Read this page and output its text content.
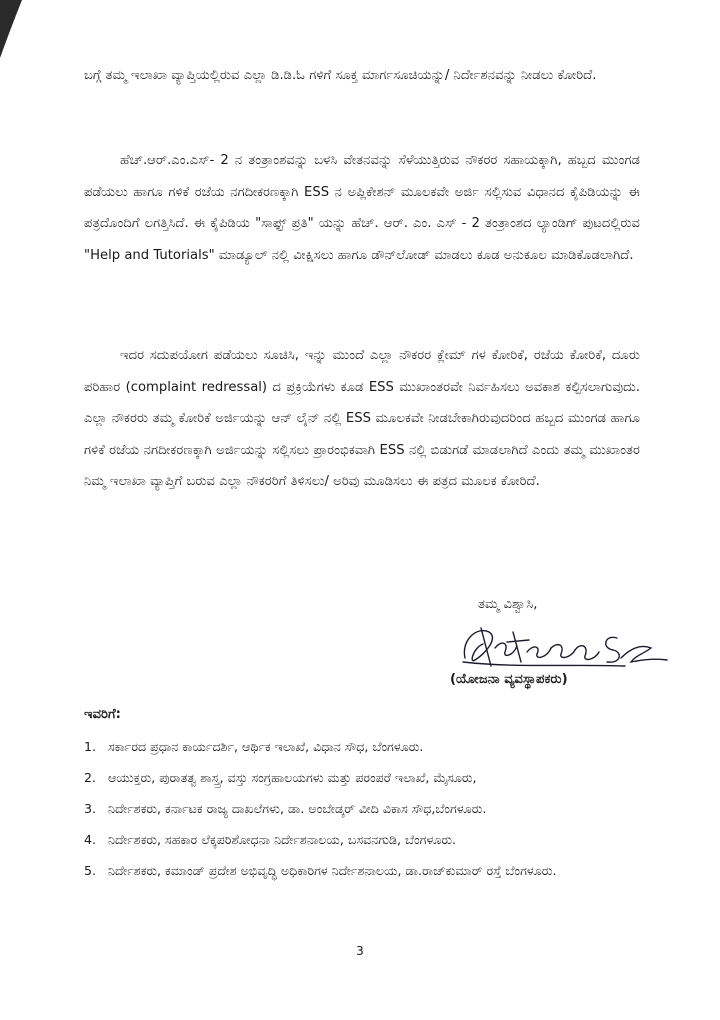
ಬಗ್ಗೆ ತಮ್ಮ ಇಲಾಖಾ ವ್ಯಾಪ್ತಿಯಲ್ಲಿರುವ ಎಲ್ಲಾ ಡಿ.ಡಿ.ಓ ಗಳಿಗೆ ಸೂಕ್ತ ಮಾರ್ಗಸೂಚಿಯನ್ನು/ ನಿರ್ದೇಶನವನ್ನು ನೀಡಲು ಕೋರಿದೆ.

ಹೆಚ್.ಆರ್.ಎಂ.ಎಸ್- 2 ನ ತಂತ್ರಾಂಶವನ್ನು ಬಳಸಿ ವೇತನವನ್ನು ಸೆಳೆಯುತ್ತಿರುವ ನೌಕರರ ಸಹಾಯಕ್ಕಾಗಿ, ಹಬ್ಬದ ಮುಂಗಡ ಪಡೆಯಲು ಹಾಗೂ ಗಳಿಕೆ ರಜೆಯ ನಗದೀಕರಣಕ್ಕಾಗಿ ESS ನ ಅಪ್ಲಿಕೇಶನ್ ಮೂಲಕವೇ ಅರ್ಜಿ ಸಲ್ಲಿಸುವ ವಿಧಾನದ ಕೈಪಿಡಿಯನ್ನು ಈ ಪತ್ರದೊಂದಿಗೆ ಲಗತ್ತಿಸಿದೆ. ಈ ಕೈಪಿಡಿಯ "ಸಾಫ್ಟ್ ಪ್ರತಿ" ಯನ್ನು ಹೆಚ್. ಆರ್. ಎಂ. ಎಸ್ - 2 ತಂತ್ರಾಂಶದ ಲ್ಯಾಂಡಿಗ್ ಪುಟದಲ್ಲಿರುವ "Help and Tutorials" ಮಾಡ್ಯೂಲ್ ನಲ್ಲಿ ವೀಕ್ಷಿಸಲು ಹಾಗೂ ಡೌನ್‌ಲೋಡ್ ಮಾಡಲು ಕೂಡ ಅನುಕೂಲ ಮಾಡಿಕೊಡಲಾಗಿದೆ.

ಇದರ ಸದುಪಯೋಗ ಪಡೆಯಲು ಸೂಚಿಸಿ, ಇನ್ನು ಮುಂದೆ ಎಲ್ಲಾ ನೌಕರರ ಕ್ಲೇಮ್ ಗಳ ಕೋರಿಕೆ, ರಜೆಯ ಕೋರಿಕೆ, ದೂರು ಪರಿಹಾರ (complaint redressal) ದ ಪ್ರಕ್ರಿಯೆಗಳು ಕೂಡ ESS ಮುಖಾಂತರವೇ ನಿರ್ವಹಿಸಲು ಅವಕಾಶ ಕಲ್ಪಿಸಲಾಗುವುದು. ಎಲ್ಲಾ ನೌಕರರು ತಮ್ಮ ಕೋರಿಕೆ ಅರ್ಜಿಯನ್ನು ಆನ್ ಲೈನ್ ನಲ್ಲಿ ESS ಮೂಲಕವೇ ನೀಡಬೇಕಾಗಿರುವುದರಿಂದ ಹಬ್ಬದ ಮುಂಗಡ ಹಾಗೂ ಗಳಿಕೆ ರಜೆಯ ನಗದೀಕರಣಕ್ಕಾಗಿ ಅರ್ಜಿಯನ್ನು ಸಲ್ಲಿಸಲು ಪ್ರಾರಂಭಿಕವಾಗಿ ESS ನಲ್ಲಿ ಬಿಡುಗಡೆ ಮಾಡಲಾಗಿದೆ ಎಂದು ತಮ್ಮ ಮುಖಾಂತರ ನಿಮ್ಮ ಇಲಾಖಾ ವ್ಯಾಪ್ತಿಗೆ ಬರುವ ಎಲ್ಲಾ ನೌಕರರಿಗೆ ತಿಳಿಸಲು/ ಅರಿವು ಮೂಡಿಸಲು ಈ ಪತ್ರದ ಮೂಲಕ ಕೋರಿದೆ.

ತಮ್ಮ ವಿಶ್ವಾಸಿ,
(ಯೋಜನಾ ವ್ಯವಸ್ಥಾಪಕರು)
ಇವರಿಗೆ:
1. ಸರ್ಕಾರದ ಪ್ರಧಾನ ಕಾರ್ಯದರ್ಶಿ, ಆರ್ಥಿಕ ಇಲಾಖೆ, ವಿಧಾನ ಸೌಧ, ಬೆಂಗಳೂರು.
2. ಆಯುಕ್ತರು, ಪುರಾತತ್ವ ಶಾಸ್ತ್ರ, ವಸ್ತು ಸಂಗ್ರಹಾಲಯಗಳು ಮತ್ತು ಪರಂಪರೆ ಇಲಾಖೆ, ಮೈಸೂರು,
3. ನಿರ್ದೇಶಕರು, ಕರ್ನಾಟಕ ರಾಜ್ಯ ದಾಖಲೆಗಳು, ಡಾ. ಅಂಬೇಡ್ಕರ್ ವೀದಿ ವಿಕಾಸ ಸೌಧ,ಬೆಂಗಳೂರು.
4. ನಿರ್ದೇಶಕರು, ಸಹಕಾರ ಲೆಕ್ಕಪರಿಶೋಧನಾ ನಿರ್ದೇಶನಾಲಯ, ಬಸವನಗುಡಿ, ಬೆಂಗಳೂರು.
5. ನಿರ್ದೇಶಕರು, ಕಮಾಂಡ್ ಪ್ರದೇಶ ಅಭಿವೃದ್ಧಿ ಅಧಿಕಾರಿಗಳ ನಿರ್ದೇಶನಾಲಯ, ಡಾ.ರಾಜ್‌ಕುಮಾರ್ ರಸ್ತೆ ಬೆಂಗಳೂರು.
3
